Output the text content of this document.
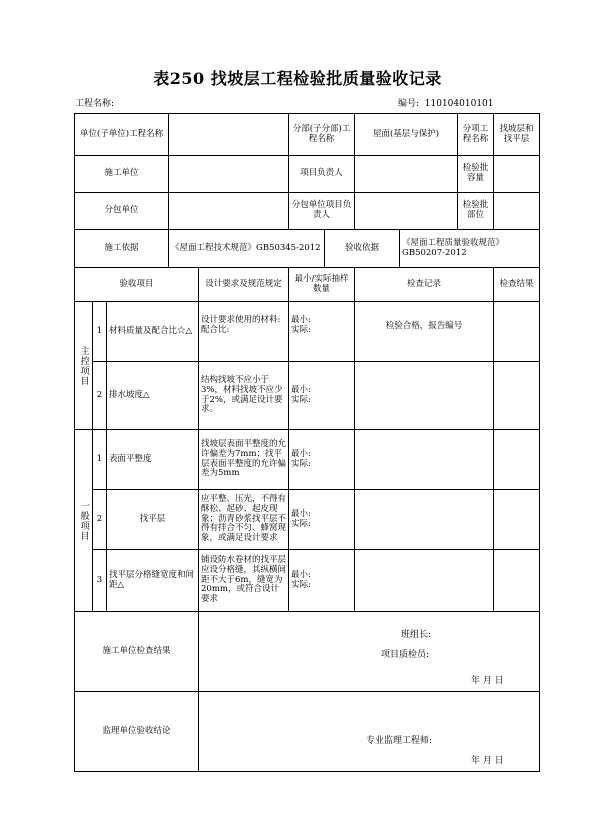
表250 找坡层工程检验批质量验收记录
工程名称:	编号: 110104010101
单位(子单位)工程名称					分部(子分部)工程名称		屋面(基层与保护)		分项工程名称	找坡层和找平层
施工单位					项目负责人				检验批容量	
分包单位					分包单位项目负责人				检验批部位	
施工依据			《屋面工程技术规范》GB50345-2012			验收依据		《屋面工程质量验收规范》GB50207-2012		
验收项目				设计要求及规范规定	最小/实际抽样数量		检查记录			检查结果

主控项目	1	材料质量及配合比☆△		设计要求使用的材料:配合比:	最小:
实际:		检验合格，报告编号			
	2	排水坡度△		结构找坡不应小于3%，材料找坡不应少于2%，或满足设计要求。	最小:
实际:					

一般项目	1	表面平整度		找坡层表面平整度的允许偏差为7mm；找平层表面平整度的允许偏差为5mm	最小:
实际:					

	2	找平层		应平整、压光，不得有酥松、起砂、起皮现象；沥青砂浆找平层不得有拌合不匀、蜂窝现象，或满足设计要求	最小:
实际:					

	3	找平层分格缝宽度和间距△		铺设防水卷材的找平层应设分格缝，其纵横间距不大于6m，缝宽为20mm，或符合设计要求	最小:
实际:					

施工单位检查结果				班组长:
项目质检员:
年 月 日						

监理单位验收结论				专业监理工程师:
年 月 日						
